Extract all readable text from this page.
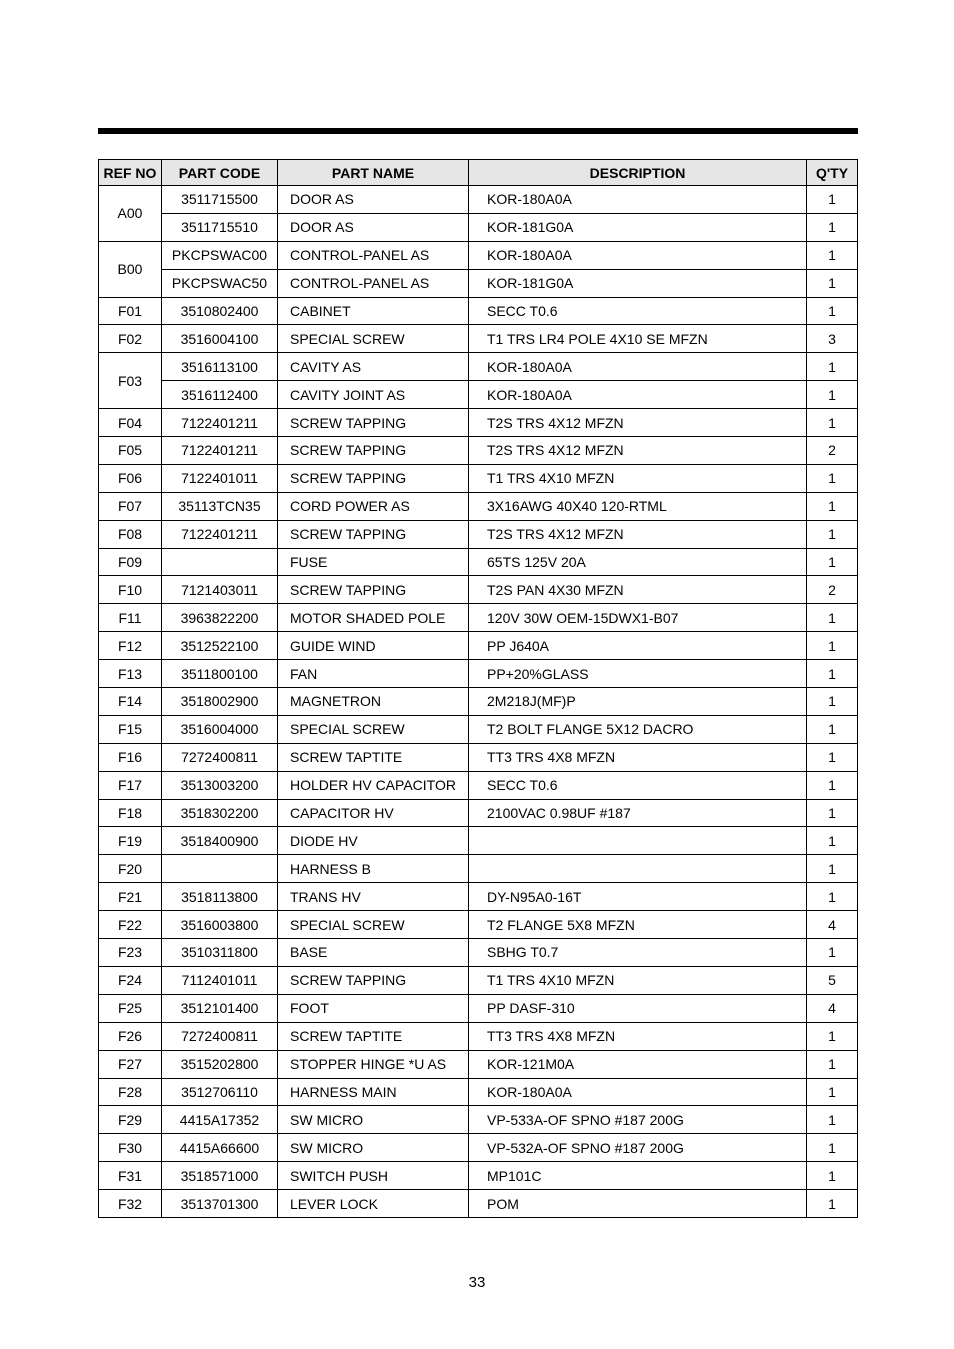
REF NO	PART CODE	PART NAME	DESCRIPTION	Q'TY
A00	3511715500	DOOR AS	KOR-180A0A	1
	3511715510	DOOR AS	KOR-181G0A	1
B00	PKCPSWAC00	CONTROL-PANEL AS	KOR-180A0A	1
	PKCPSWAC50	CONTROL-PANEL AS	KOR-181G0A	1
F01	3510802400	CABINET	SECC T0.6	1
F02	3516004100	SPECIAL SCREW	T1 TRS LR4 POLE 4X10 SE MFZN	3
F03	3516113100	CAVITY AS	KOR-180A0A	1
	3516112400	CAVITY JOINT AS	KOR-180A0A	1
F04	7122401211	SCREW TAPPING	T2S TRS 4X12 MFZN	1
F05	7122401211	SCREW TAPPING	T2S TRS 4X12 MFZN	2
F06	7122401011	SCREW TAPPING	T1 TRS 4X10 MFZN	1
F07	35113TCN35	CORD POWER AS	3X16AWG 40X40 120-RTML	1
F08	7122401211	SCREW TAPPING	T2S TRS 4X12 MFZN	1
F09		FUSE	65TS 125V 20A	1
F10	7121403011	SCREW TAPPING	T2S PAN 4X30 MFZN	2
F11	3963822200	MOTOR SHADED POLE	120V 30W OEM-15DWX1-B07	1
F12	3512522100	GUIDE WIND	PP J640A	1
F13	3511800100	FAN	PP+20%GLASS	1
F14	3518002900	MAGNETRON	2M218J(MF)P	1
F15	3516004000	SPECIAL SCREW	T2 BOLT FLANGE 5X12 DACRO	1
F16	7272400811	SCREW TAPTITE	TT3 TRS 4X8 MFZN	1
F17	3513003200	HOLDER HV CAPACITOR	SECC T0.6	1
F18	3518302200	CAPACITOR HV	2100VAC 0.98UF #187	1
F19	3518400900	DIODE HV		1
F20		HARNESS B		1
F21	3518113800	TRANS HV	DY-N95A0-16T	1
F22	3516003800	SPECIAL SCREW	T2 FLANGE 5X8 MFZN	4
F23	3510311800	BASE	SBHG T0.7	1
F24	7112401011	SCREW TAPPING	T1 TRS 4X10 MFZN	5
F25	3512101400	FOOT	PP DASF-310	4
F26	7272400811	SCREW TAPTITE	TT3 TRS 4X8 MFZN	1
F27	3515202800	STOPPER HINGE *U AS	KOR-121M0A	1
F28	3512706110	HARNESS MAIN	KOR-180A0A	1
F29	4415A17352	SW MICRO	VP-533A-OF SPNO #187 200G	1
F30	4415A66600	SW MICRO	VP-532A-OF SPNO #187 200G	1
F31	3518571000	SWITCH PUSH	MP101C	1
F32	3513701300	LEVER LOCK	POM	1
33
